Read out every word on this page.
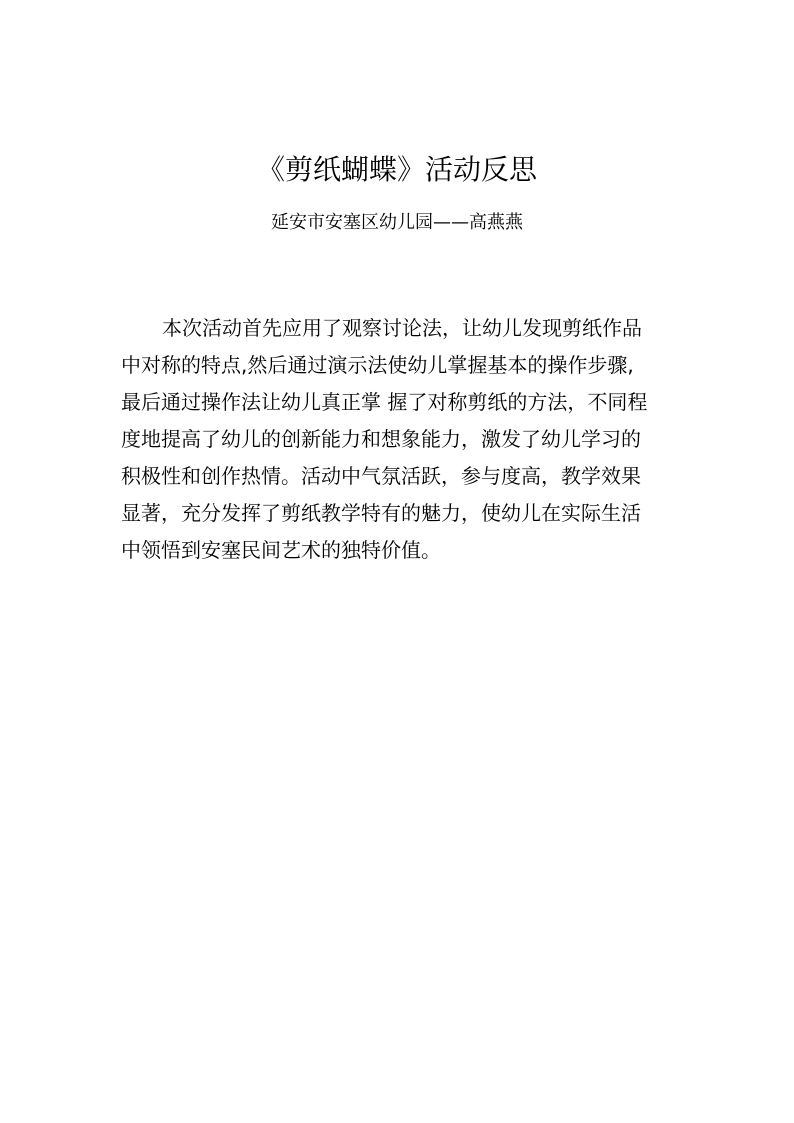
《剪纸蝴蝶》活动反思
延安市安塞区幼儿园——高燕燕
本次活动首先应用了观察讨论法，让幼儿发现剪纸作品
中对称的特点,然后通过演示法使幼儿掌握基本的操作步骤,
最后通过操作法让幼儿真正掌 握了对称剪纸的方法，不同程
度地提高了幼儿的创新能力和想象能力，激发了幼儿学习的
积极性和创作热情。活动中气氛活跃，参与度高，教学效果
显著，充分发挥了剪纸教学特有的魅力，使幼儿在实际生活
中领悟到安塞民间艺术的独特价值。
